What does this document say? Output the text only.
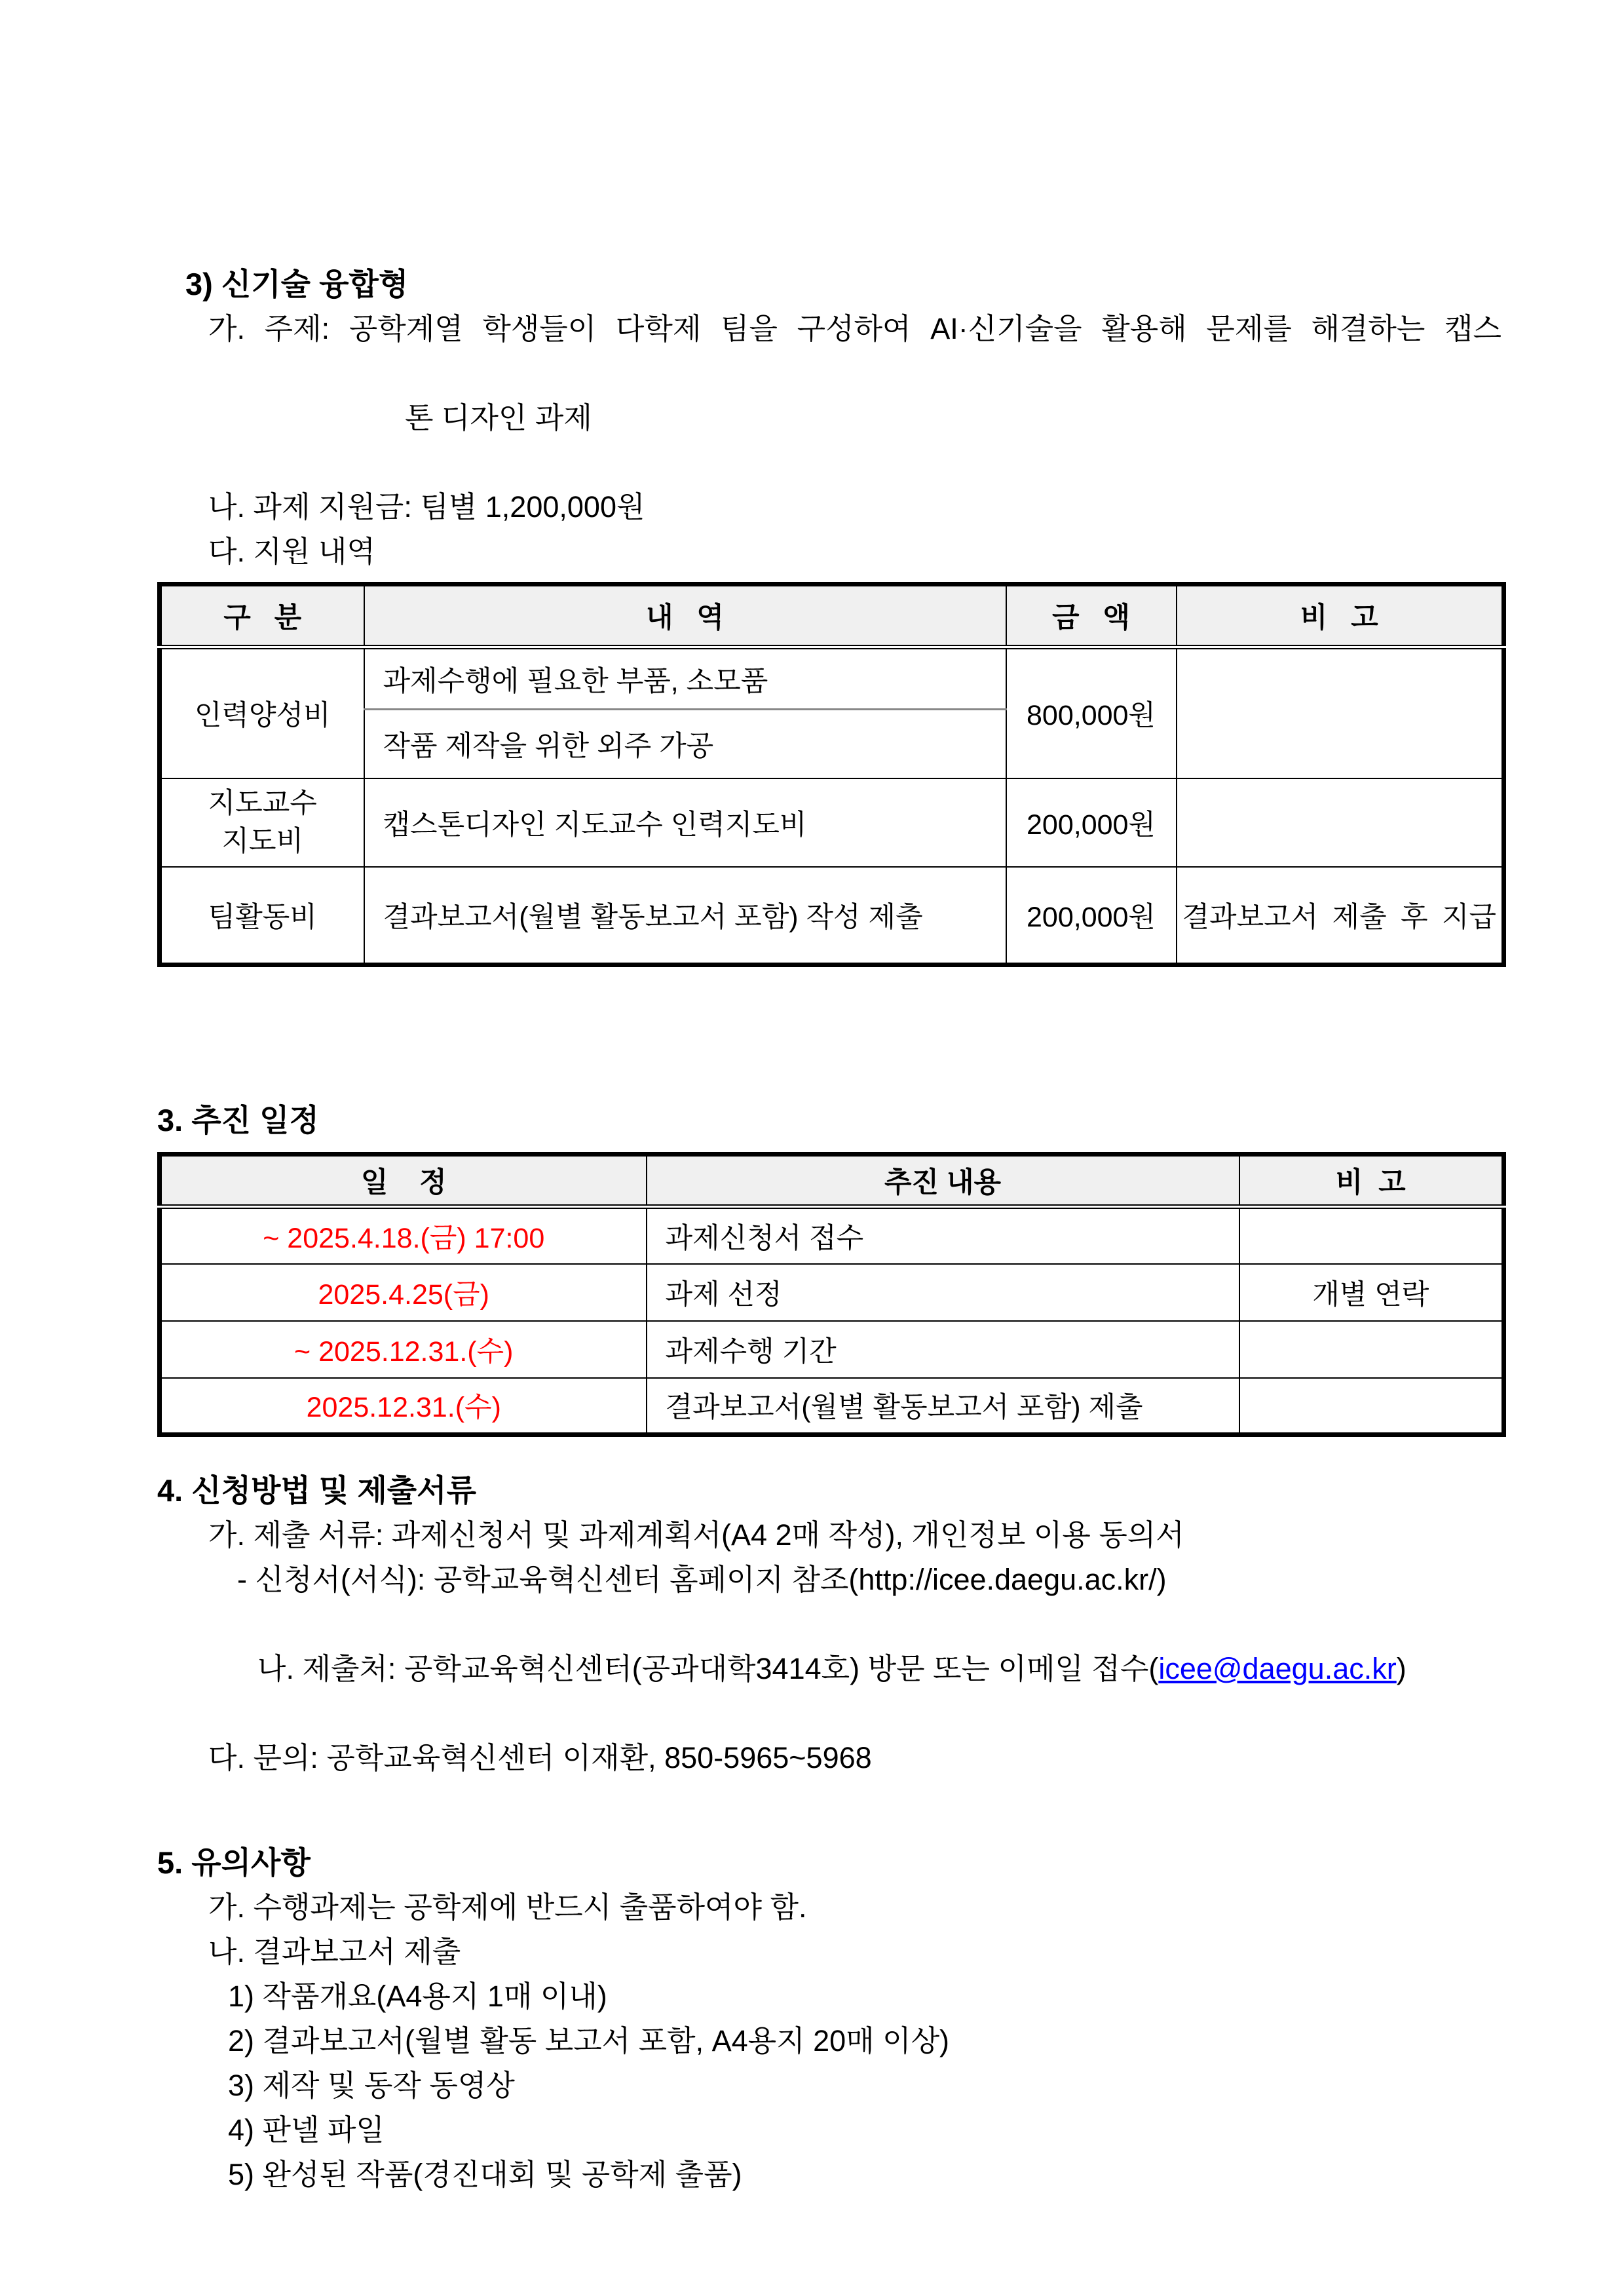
3) 신기술 융합형
가. 주제: 공학계열 학생들이 다학제 팀을 구성하여 AI·신기술을 활용해 문제를 해결하는 캡스

톤 디자인 과제

나. 과제 지원금: 팀별 1,200,000원
다. 지원 내역
구   분	내   역	금   액	비   고
인력양성비	과제수행에 필요한 부품, 소모품	800,000원	
	작품 제작을 위한 외주 가공		

지도교수
지도비	캡스톤디자인 지도교수 인력지도비	200,000원	
팀활동비	결과보고서(월별 활동보고서 포함) 작성 제출	200,000원	결과보고서 제출 후 지급
3. 추진 일정
일    정	추진 내용	비  고
~ 2025.4.18.(금) 17:00	과제신청서 접수	
2025.4.25(금)	과제 선정	개별 연락
~ 2025.12.31.(수)	과제수행 기간	
2025.12.31.(수)	결과보고서(월별 활동보고서 포함) 제출	
4. 신청방법 및 제출서류
가. 제출 서류: 과제신청서 및 과제계획서(A4 2매 작성), 개인정보 이용 동의서
- 신청서(서식): 공학교육혁신센터 홈페이지 참조(http://icee.daegu.ac.kr/)

나. 제출처: 공학교육혁신센터(공과대학3414호) 방문 또는 이메일 접수(icee@daegu.ac.kr)

다. 문의: 공학교육혁신센터 이재환, 850-5965~5968
5. 유의사항
가. 수행과제는 공학제에 반드시 출품하여야 함.
나. 결과보고서 제출
1) 작품개요(A4용지 1매 이내)
2) 결과보고서(월별 활동 보고서 포함, A4용지 20매 이상)
3) 제작 및 동작 동영상
4) 판넬 파일
5) 완성된 작품(경진대회 및 공학제 출품)
